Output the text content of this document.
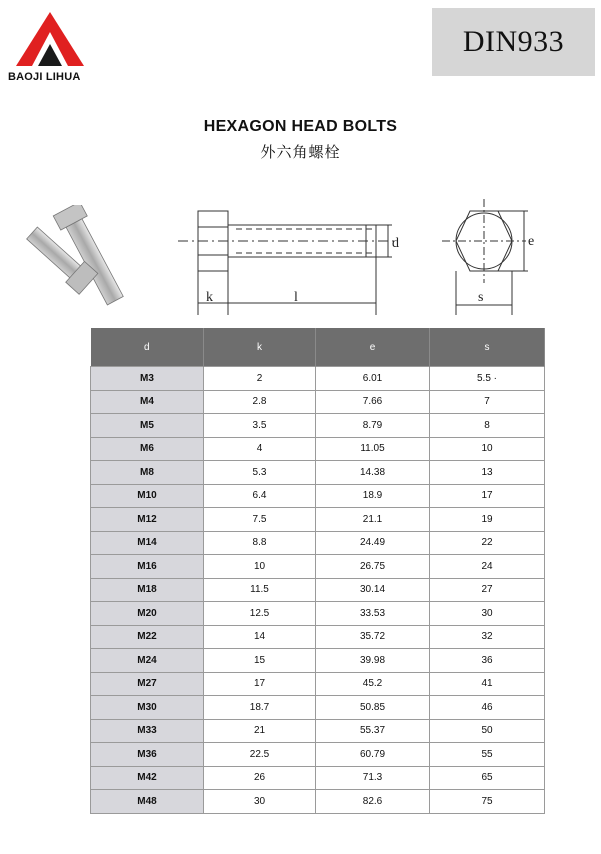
BAOJI LIHUA
DIN933
HEXAGON HEAD BOLTS
外六角螺栓
k	l
d
s
e
d	k	e	s
M3	2	6.01	5.5 ·
M4	2.8	7.66	7
M5	3.5	8.79	8
M6	4	11.05	10
M8	5.3	14.38	13
M10	6.4	18.9	17
M12	7.5	21.1	19
M14	8.8	24.49	22
M16	10	26.75	24
M18	11.5	30.14	27
M20	12.5	33.53	30
M22	14	35.72	32
M24	15	39.98	36
M27	17	45.2	41
M30	18.7	50.85	46
M33	21	55.37	50
M36	22.5	60.79	55
M42	26	71.3	65
M48	30	82.6	75
